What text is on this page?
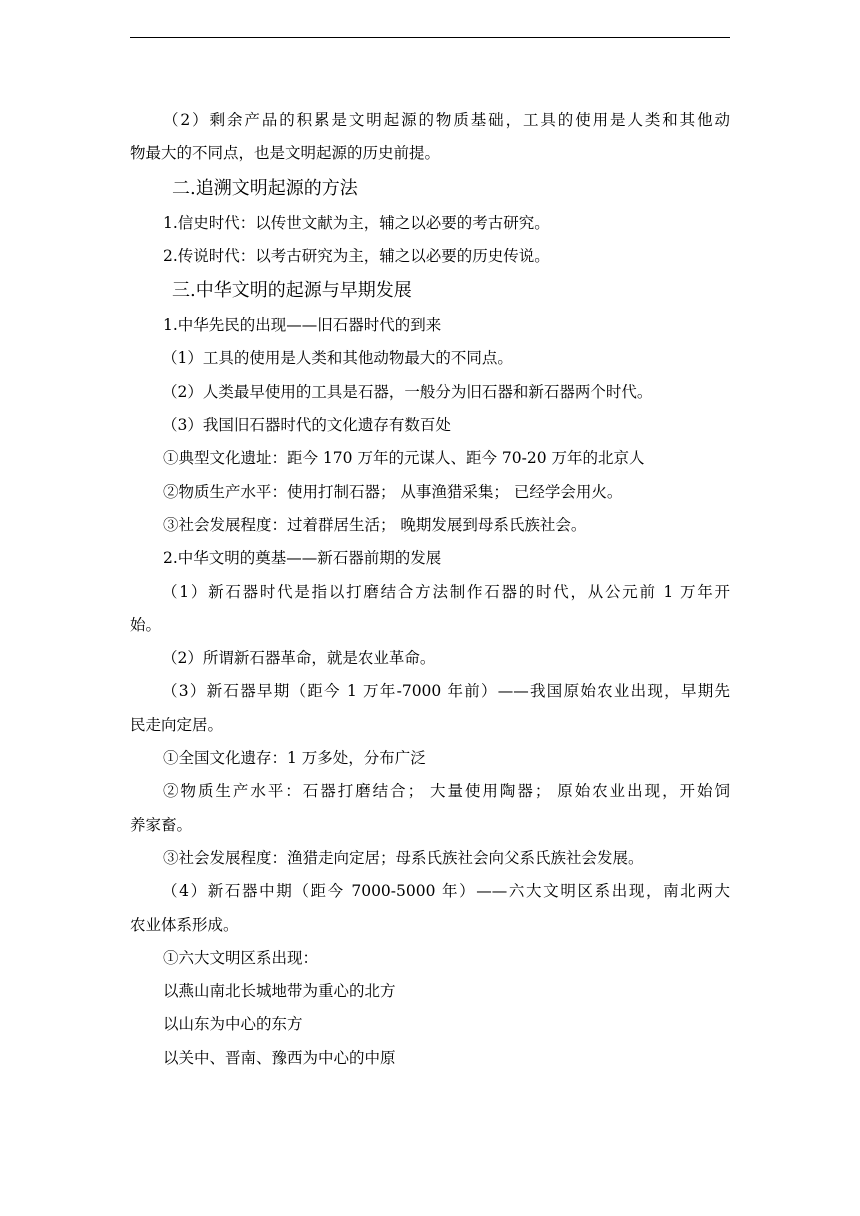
（2）剩余产品的积累是文明起源的物质基础，工具的使用是人类和其他动
物最大的不同点，也是文明起源的历史前提。
二.追溯文明起源的方法
1.信史时代：以传世文献为主，辅之以必要的考古研究。
2.传说时代：以考古研究为主，辅之以必要的历史传说。
三.中华文明的起源与早期发展
1.中华先民的出现——旧石器时代的到来
（1）工具的使用是人类和其他动物最大的不同点。
（2）人类最早使用的工具是石器，一般分为旧石器和新石器两个时代。
（3）我国旧石器时代的文化遗存有数百处
①典型文化遗址：距今 170 万年的元谋人、距今 70-20 万年的北京人
②物质生产水平：使用打制石器； 从事渔猎采集； 已经学会用火。
③社会发展程度：过着群居生活； 晚期发展到母系氏族社会。
2.中华文明的奠基——新石器前期的发展
（1）新石器时代是指以打磨结合方法制作石器的时代，从公元前 1 万年开
始。
（2）所谓新石器革命，就是农业革命。
（3）新石器早期（距今 1 万年-7000 年前）——我国原始农业出现，早期先
民走向定居。
①全国文化遗存：1 万多处，分布广泛
②物质生产水平：石器打磨结合； 大量使用陶器； 原始农业出现，开始饲
养家畜。
③社会发展程度：渔猎走向定居；母系氏族社会向父系氏族社会发展。
（4）新石器中期（距今 7000-5000 年）——六大文明区系出现，南北两大
农业体系形成。
①六大文明区系出现：
以燕山南北长城地带为重心的北方
以山东为中心的东方
以关中、晋南、豫西为中心的中原
